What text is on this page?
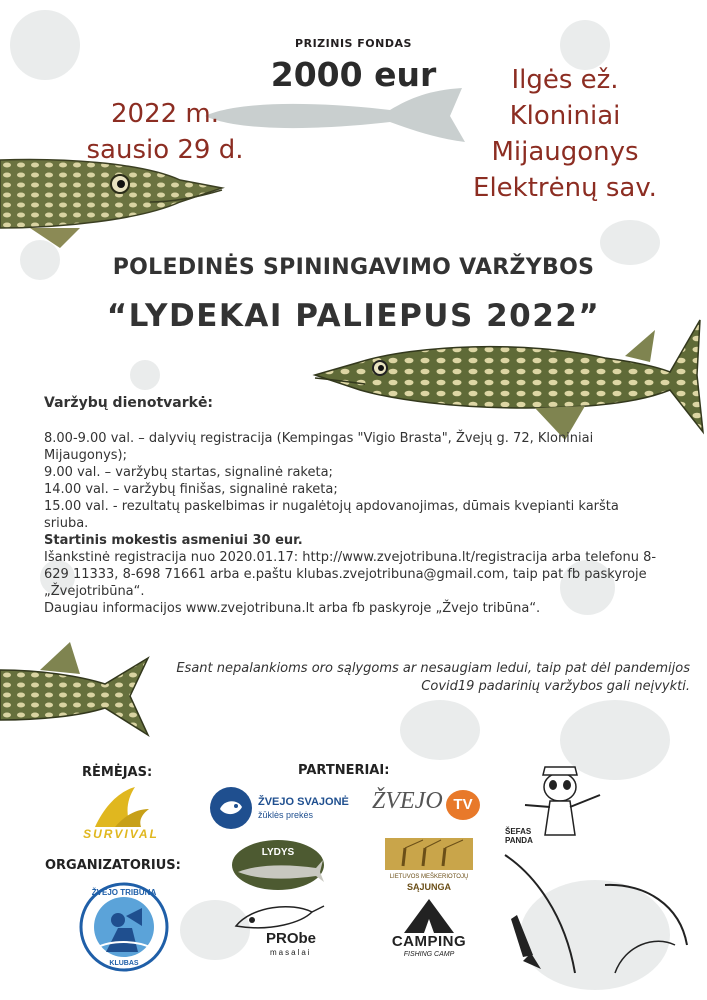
PRIZINIS FONDAS
2000 eur
2022 m.
sausio 29 d.
Ilgės ež.
Kloniniai
Mijaugonys
Elektrėnų sav.
POLEDINĖS SPININGAVIMO VARŽYBOS
“LYDEKAI PALIEPUS 2022”
Varžybų dienotvarkė:
8.00-9.00 val. – dalyvių registracija (Kempingas "Vigio Brasta", Žvejų g. 72, Kloniniai Mijaugonys);
9.00 val. – varžybų startas, signalinė raketa;
14.00 val. – varžybų finišas, signalinė raketa;
15.00 val. - rezultatų paskelbimas ir nugalėtojų apdovanojimas, dūmais kvepianti karšta sriuba.
Startinis mokestis asmeniui 30 eur.
Išankstinė registracija nuo 2020.01.17: http://www.zvejotribuna.lt/registracija arba telefonu 8-629 11333, 8-698 71661 arba e.paštu klubas.zvejotribuna@gmail.com, taip pat fb paskyroje „Žvejotribūna“.
Daugiau informacijos www.zvejotribuna.lt arba fb paskyroje „Žvejo tribūna“.
Esant nepalankioms oro sąlygoms ar nesaugiam ledui, taip pat dėl pandemijos Covid19 padarinių varžybos gali neįvykti.
RĖMĖJAS:	PARTNERIAI:
ORGANIZATORIUS:
SURVIVAL
ŽVEJO SVAJONĖ
žūklės prekės
ŽVEJO TV
ŠEFAS PANDA
LYDYS
LIETUVOS MEŠKERIOTOJŲ
SĄJUNGA
ŽVEJO TRIBŪNA
KLUBAS
PRObe
masalai
CAMPING
FISHING CAMP
